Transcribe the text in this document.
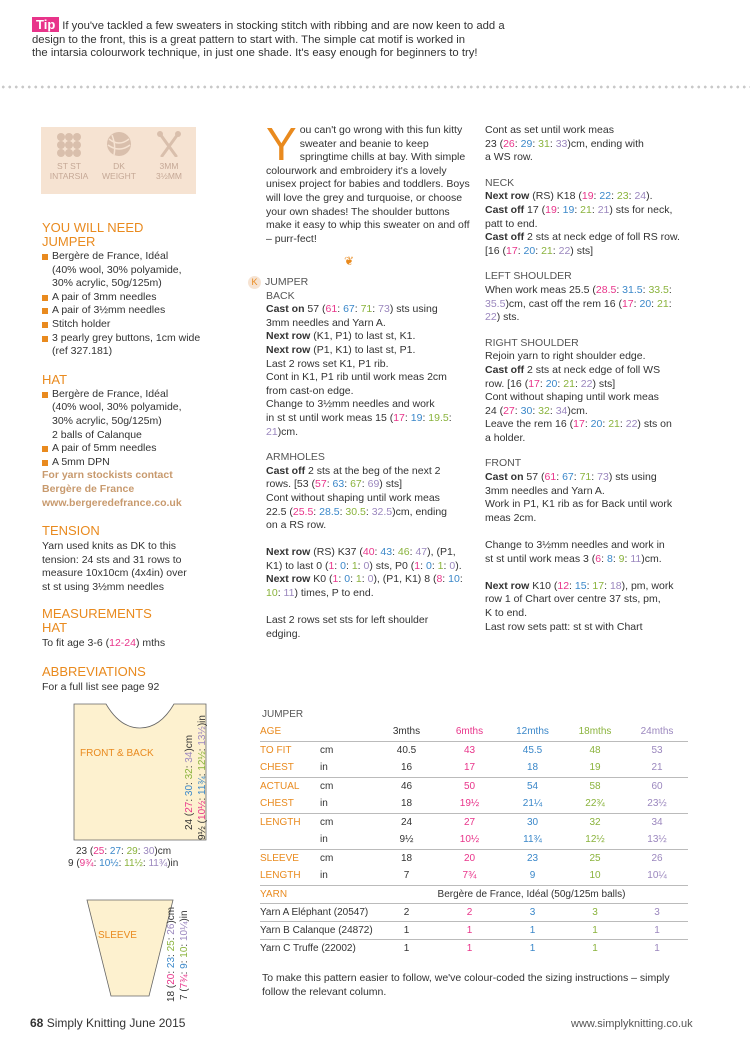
Tip If you've tackled a few sweaters in stocking stitch with ribbing and are now keen to add a
design to the front, this is a great pattern to start with. The simple cat motif is worked in
the intarsia colourwork technique, in just one shade. It's easy enough for beginners to try!
ST ST
INTARSIA
DK
WEIGHT
3MM
3½MM
YOU WILL NEED
JUMPER
Bergère de France, Idéal
(40% wool, 30% polyamide,
30% acrylic, 50g/125m)
A pair of 3mm needles
A pair of 3½mm needles
Stitch holder
3 pearly grey buttons, 1cm wide
(ref 327.181)
HAT
Bergère de France, Idéal
(40% wool, 30% polyamide,
30% acrylic, 50g/125m)
2 balls of Calanque
A pair of 5mm needles
A 5mm DPN
For yarn stockists contact
Bergère de France
www.bergeredefrance.co.uk
TENSION
Yarn used knits as DK to this
tension: 24 sts and 31 rows to
measure 10x10cm (4x4in) over
st st using 3½mm needles
MEASUREMENTS
HAT
To fit age 3-6 (12-24) mths
ABBREVIATIONS
For a full list see page 92
FRONT & BACK
23 (25: 27: 29: 30)cm
9 (9¾: 10½: 11½: 11¾)in
24 (27: 30: 32: 34)cm
9½ (10½: 11¾: 12½: 13½)in
SLEEVE
18 (20: 23: 25: 26)cm
7 (7¾: 9: 10: 10¼)in
You can't go wrong with this fun kitty sweater and beanie to keep springtime chills at bay. With simple colourwork and embroidery it's a lovely unisex project for babies and toddlers. Boys will love the grey and turquoise, or choose your own shades! The shoulder buttons make it easy to whip this sweater on and off – purr-fect!
❦
K JUMPER
BACK
Cast on 57 (61: 67: 71: 73) sts using
3mm needles and Yarn A.
Next row (K1, P1) to last st, K1.
Next row (P1, K1) to last st, P1.
Last 2 rows set K1, P1 rib.
Cont in K1, P1 rib until work meas 2cm
from cast-on edge.
Change to 3½mm needles and work
in st st until work meas 15 (17: 19: 19.5:
21)cm.
ARMHOLES
Cast off 2 sts at the beg of the next 2
rows. [53 (57: 63: 67: 69) sts]
Cont without shaping until work meas
22.5 (25.5: 28.5: 30.5: 32.5)cm, ending
on a RS row.

Next row (RS) K37 (40: 43: 46: 47), (P1,
K1) to last 0 (1: 0: 1: 0) sts, P0 (1: 0: 1: 0).
Next row K0 (1: 0: 1: 0), (P1, K1) 8 (8: 10:
10: 11) times, P to end.

Last 2 rows set sts for left shoulder
edging.
Cont as set until work meas
23 (26: 29: 31: 33)cm, ending with
a WS row.
NECK
Next row (RS) K18 (19: 22: 23: 24).
Cast off 17 (19: 19: 21: 21) sts for neck,
patt to end.
Cast off 2 sts at neck edge of foll RS row.
[16 (17: 20: 21: 22) sts]
LEFT SHOULDER
When work meas 25.5 (28.5: 31.5: 33.5:
35.5)cm, cast off the rem 16 (17: 20: 21:
22) sts.
RIGHT SHOULDER
Rejoin yarn to right shoulder edge.
Cast off 2 sts at neck edge of foll WS
row. [16 (17: 20: 21: 22) sts]
Cont without shaping until work meas
24 (27: 30: 32: 34)cm.
Leave the rem 16 (17: 20: 21: 22) sts on
a holder.
FRONT
Cast on 57 (61: 67: 71: 73) sts using
3mm needles and Yarn A.
Work in P1, K1 rib as for Back until work
meas 2cm.

Change to 3½mm needles and work in
st st until work meas 3 (6: 8: 9: 11)cm.

Next row K10 (12: 15: 17: 18), pm, work
row 1 of Chart over centre 37 sts, pm,
K to end.
Last row sets patt: st st with Chart
JUMPER
AGE		3mths	6mths	12mths	18mths	24mths
TO FIT	cm	40.5	43	45.5	48	53
CHEST	in	16	17	18	19	21
ACTUAL	cm	46	50	54	58	60
CHEST	in	18	19½	21¼	22¾	23½
LENGTH	cm	24	27	30	32	34
	in	9½	10½	11¾	12½	13½
SLEEVE	cm	18	20	23	25	26
LENGTH	in	7	7¾	9	10	10¼
YARN		Bergère de France, Idéal (50g/125m balls)				
Yarn A Eléphant (20547)		2	2	3	3	3
Yarn B Calanque (24872)		1	1	1	1	1
Yarn C Truffe (22002)		1	1	1	1	1
To make this pattern easier to follow, we've colour-coded the sizing instructions – simply
follow the relevant column.
68 Simply Knitting June 2015	www.simplyknitting.co.uk
